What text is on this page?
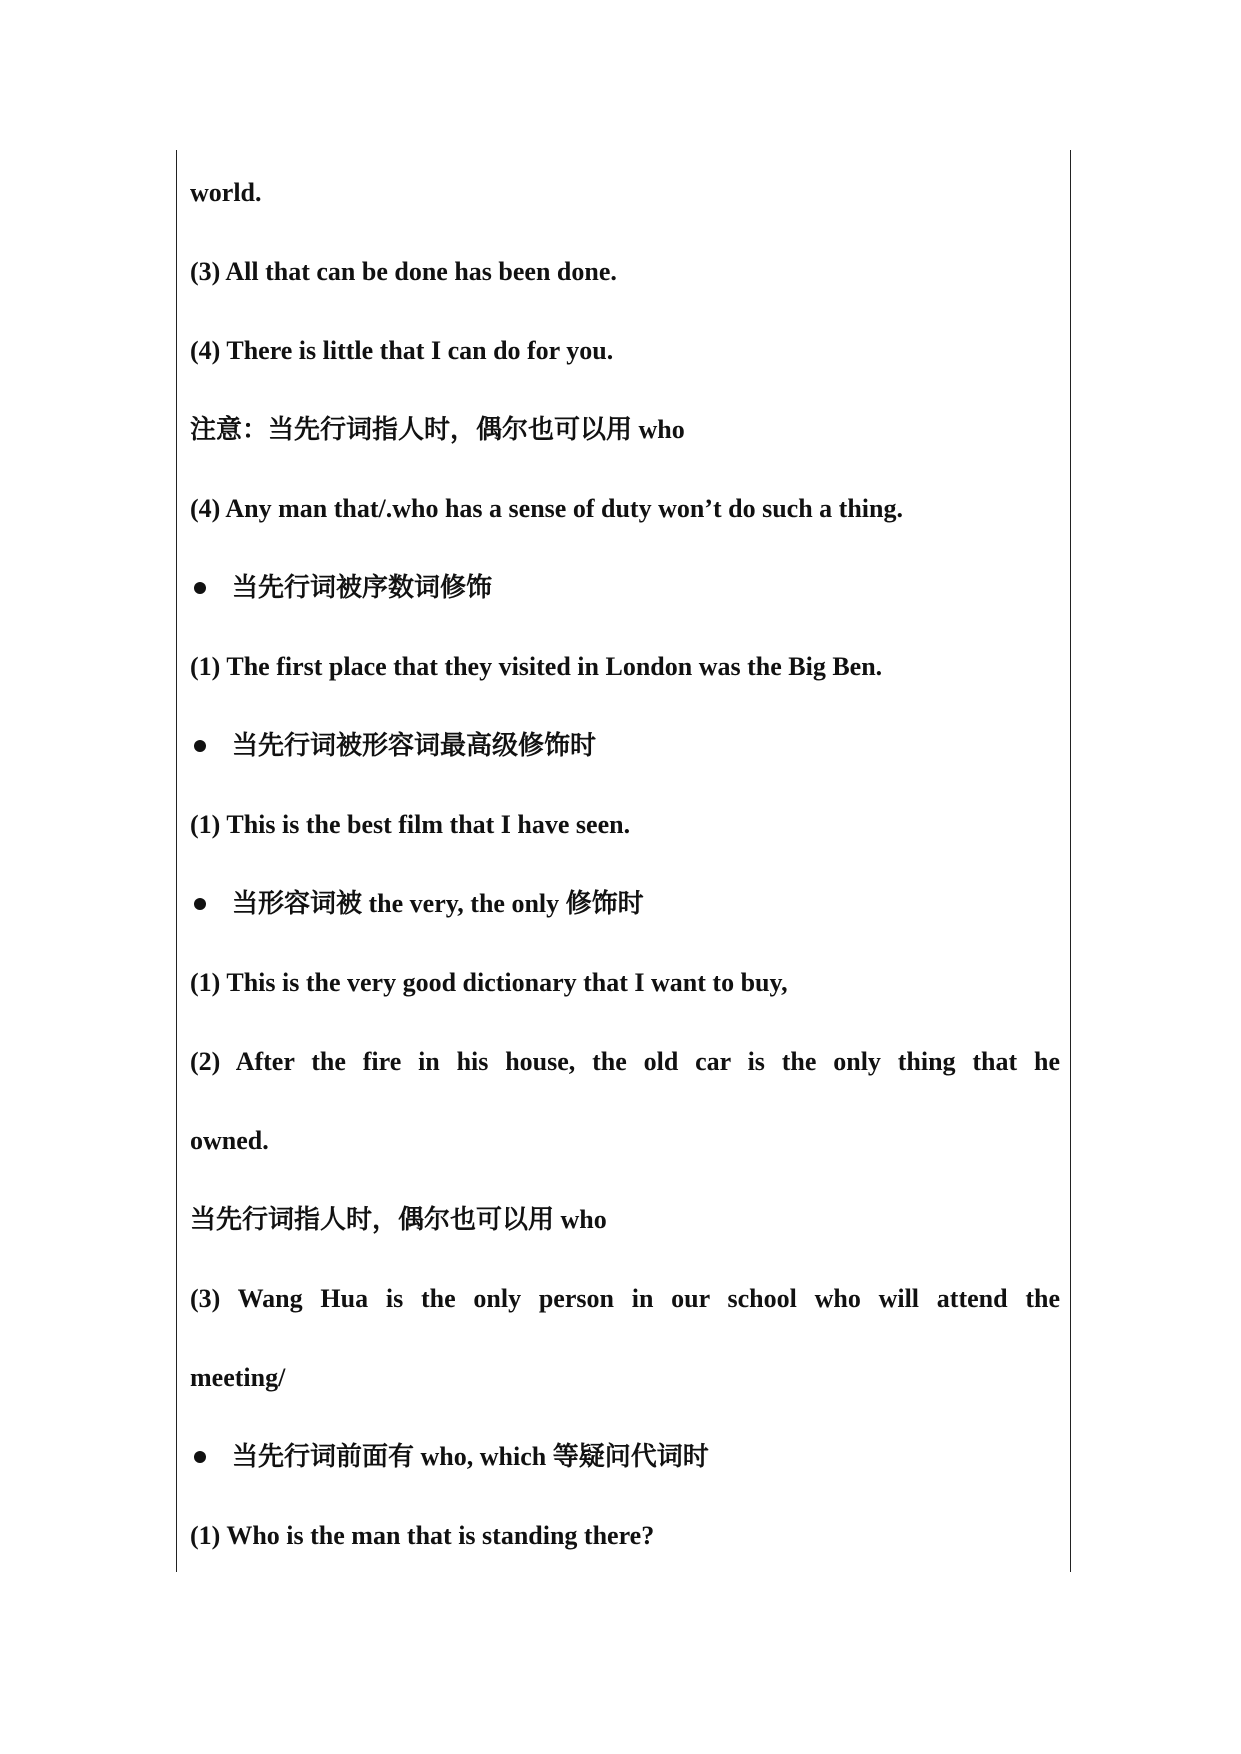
world.
(3) All that can be done has been done.
(4) There is little that I can do for you.
注意：当先行词指人时，偶尔也可以用 who
(4) Any man that/.who has a sense of duty won’t do such a thing.
当先行词被序数词修饰
(1) The first place that they visited in London was the Big Ben.
当先行词被形容词最高级修饰时
(1) This is the best film that I have seen.
当形容词被 the very, the only 修饰时
(1) This is the very good dictionary that I want to buy,
(2) After the fire in his house, the old car is the only thing that he
owned.
当先行词指人时，偶尔也可以用 who
(3) Wang Hua is the only person in our school who will attend the
meeting/
当先行词前面有 who, which 等疑问代词时
(1) Who is the man that is standing there?
